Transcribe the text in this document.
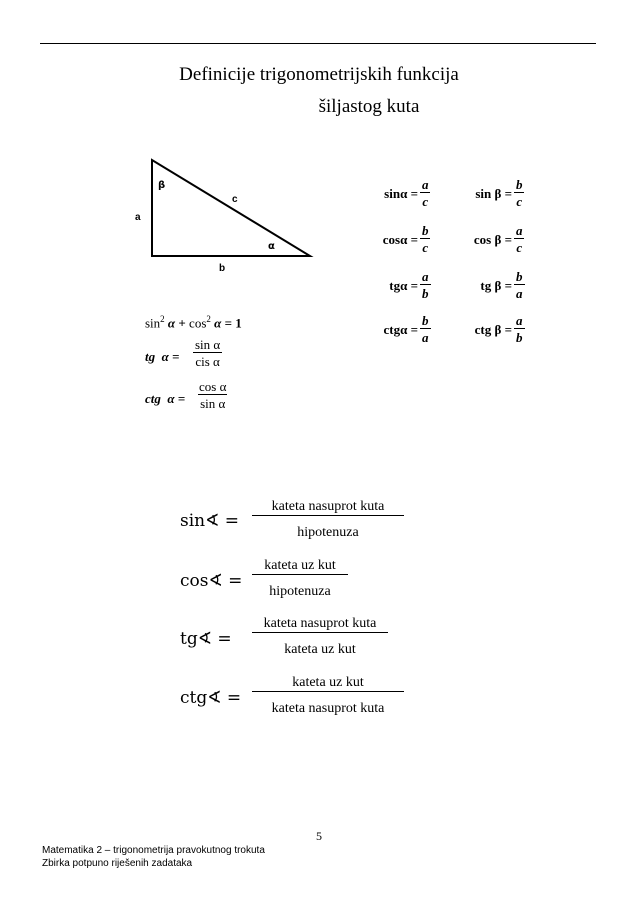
Definicije trigonometrijskih funkcija
šiljastog kuta
β
c
a
α
b
$\sin\alpha = \frac{a}{c}$
$\cos\alpha = \frac{b}{c}$
$tg\alpha = \frac{a}{b}$
$ctg\alpha = \frac{b}{a}$
$\sin \beta = \frac{b}{c}$
$\cos \beta = \frac{a}{c}$
tg $\beta = \frac{b}{a}$
ctg $\beta = \frac{a}{b}$
$\sin^2 \alpha + \cos^2 \alpha = 1$
tg α =
sin α
cis α
ctg $\alpha = \frac{\text{cos α}}{\text{sin α}}$
sin∢ =
kateta nasuprot kuta
hipotenuza
cos∢ =
kateta uz kut
hipotenuza
tg∢ =
kateta nasuprot kuta
kateta uz kut
ctg∢ =
kateta uz kut
kateta nasuprot kuta
5
Matematika 2 – trigonometrija pravokutnog trokuta
Zbirka potpuno riješenih zadataka
